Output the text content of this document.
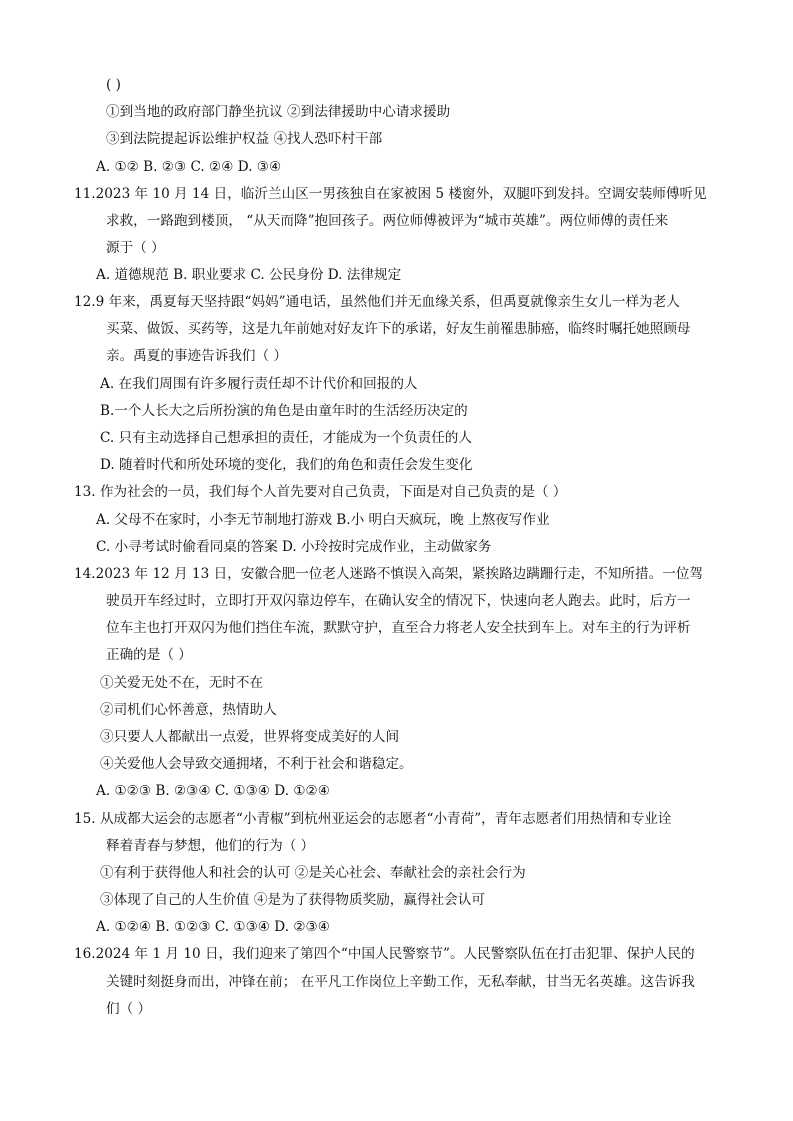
( )
①到当地的政府部门静坐抗议 ②到法律援助中心请求援助
③到法院提起诉讼维护权益 ④找人恐吓村干部
A. ①② B. ②③ C. ②④ D. ③④
11.2023 年 10 月 14 日，临沂兰山区一男孩独自在家被困 5 楼窗外，双腿吓到发抖。空调安装师傅听见
求救，一路跑到楼顶， “从天而降”抱回孩子。两位师傅被评为“城市英雄”。两位师傅的责任来
源于（ ）
A. 道德规范 B. 职业要求 C. 公民身份 D. 法律规定
12.9 年来，禹夏每天坚持跟“妈妈”通电话，虽然他们并无血缘关系，但禹夏就像亲生女儿一样为老人
买菜、做饭、买药等，这是九年前她对好友许下的承诺，好友生前罹患肺癌，临终时嘱托她照顾母
亲。禹夏的事迹告诉我们（ ）
A. 在我们周围有许多履行责任却不计代价和回报的人
B.一个人长大之后所扮演的角色是由童年时的生活经历决定的
C. 只有主动选择自己想承担的责任，才能成为一个负责任的人
D. 随着时代和所处环境的变化，我们的角色和责任会发生变化
13. 作为社会的一员，我们每个人首先要对自己负责，下面是对自己负责的是（ ）
A. 父母不在家时，小李无节制地打游戏 B.小 明白天疯玩，晚 上熬夜写作业
C. 小寻考试时偷看同桌的答案 D. 小玲按时完成作业，主动做家务
14.2023 年 12 月 13 日，安徽合肥一位老人迷路不慎误入高架，紧挨路边蹒跚行走，不知所措。一位驾
驶员开车经过时，立即打开双闪靠边停车，在确认安全的情况下，快速向老人跑去。此时，后方一
位车主也打开双闪为他们挡住车流，默默守护，直至合力将老人安全扶到车上。对车主的行为评析
正确的是（ ）
①关爱无处不在，无时不在
②司机们心怀善意，热情助人
③只要人人都献出一点爱，世界将变成美好的人间
④关爱他人会导致交通拥堵，不利于社会和谐稳定。
A. ①②③ B. ②③④ C. ①③④ D. ①②④
15. 从成都大运会的志愿者“小青椒”到杭州亚运会的志愿者“小青荷”，青年志愿者们用热情和专业诠
释着青春与梦想，他们的行为（ ）
①有利于获得他人和社会的认可 ②是关心社会、奉献社会的亲社会行为
③体现了自己的人生价值 ④是为了获得物质奖励，赢得社会认可
A. ①②④ B. ①②③ C. ①③④ D. ②③④
16.2024 年 1 月 10 日，我们迎来了第四个“中国人民警察节”。人民警察队伍在打击犯罪、保护人民的
关键时刻挺身而出，冲锋在前； 在平凡工作岗位上辛勤工作，无私奉献，甘当无名英雄。这告诉我
们（ ）
